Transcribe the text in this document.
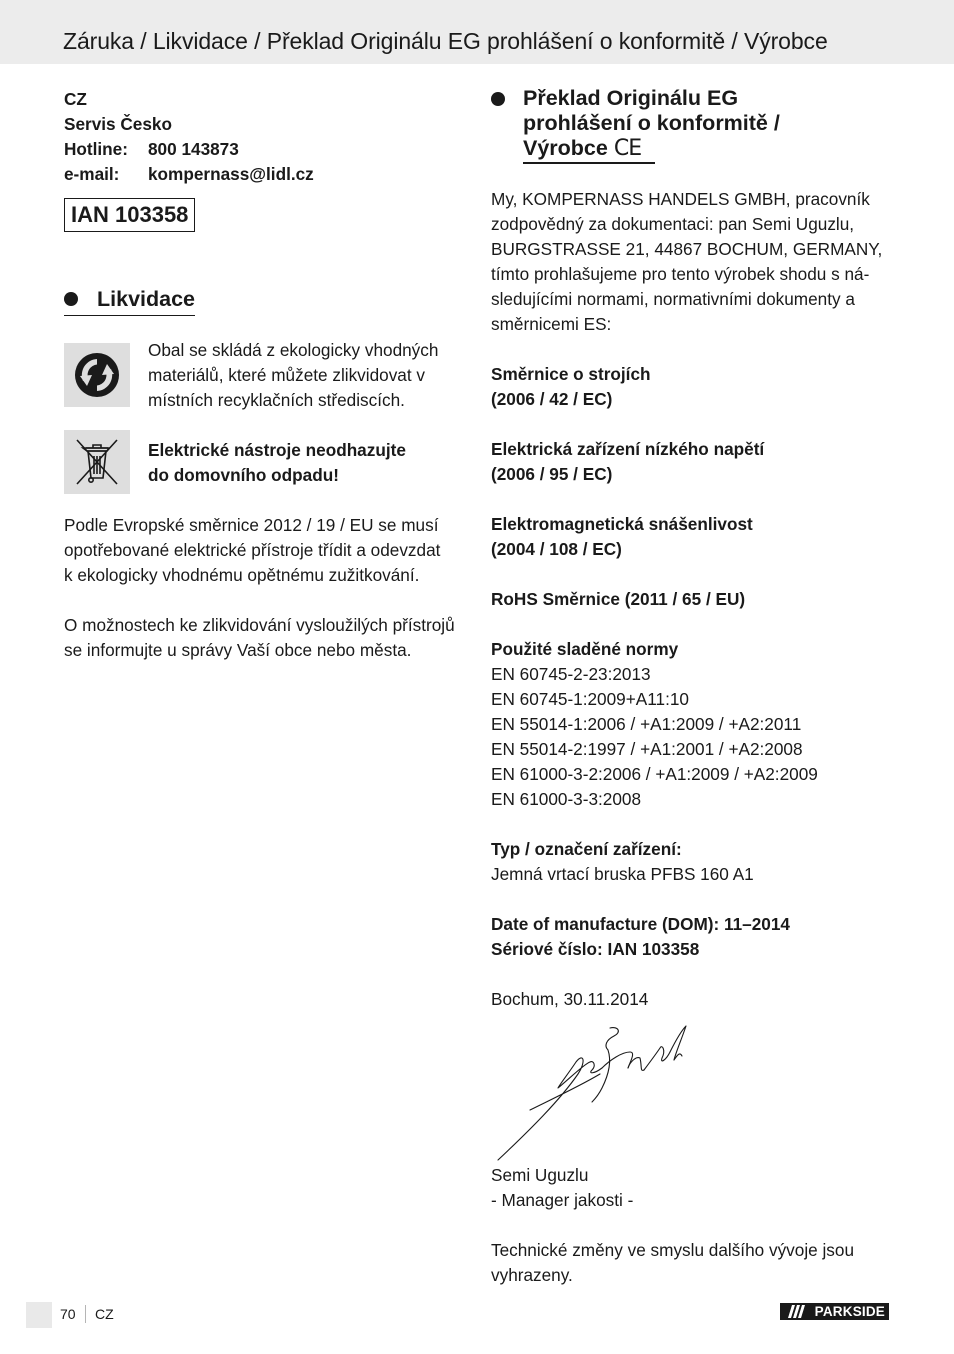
Záruka / Likvidace / Překlad Originálu EG prohlášení o konformitě / Výrobce
CZ
Servis Česko
Hotline:	800 143873
e-mail:	kompernass@lidl.cz
IAN 103358
Likvidace
Obal se skládá z ekologicky vhodných
materiálů, které můžete zlikvidovat v
místních recyklačních střediscích.
Elektrické nástroje neodhazujte
do domovního odpadu!
Podle Evropské směrnice 2012 / 19 / EU se musí
opotřebované elektrické přístroje třídit a odevzdat
k ekologicky vhodnému opětnému zužitkování.
O možnostech ke zlikvidování vysloužilých přístrojů
se informujte u správy Vaší obce nebo města.
Překlad Originálu EG
prohlášení o konformitě /
Výrobce CE
My, KOMPERNASS HANDELS GMBH, pracovník
zodpovědný za dokumentaci: pan Semi Uguzlu,
BURGSTRASSE 21, 44867 BOCHUM, GERMANY,
tímto prohlašujeme pro tento výrobek shodu s ná-
sledujícími normami, normativními dokumenty a
směrnicemi ES:
Směrnice o strojích
(2006 / 42 / EC)
Elektrická zařízení nízkého napětí
(2006 / 95 / EC)
Elektromagnetická snášenlivost
(2004 / 108 / EC)
RoHS Směrnice (2011 / 65 / EU)
Použité sladěné normy
EN 60745-2-23:2013
EN 60745-1:2009+A11:10
EN 55014-1:2006 / +A1:2009 / +A2:2011
EN 55014-2:1997 / +A1:2001 / +A2:2008
EN 61000-3-2:2006 / +A1:2009 / +A2:2009
EN 61000-3-3:2008
Typ / označení zařízení:
Jemná vrtací bruska PFBS 160 A1
Date of manufacture (DOM): 11–2014
Sériové číslo: IAN 103358
Bochum, 30.11.2014
Semi Uguzlu
- Manager jakosti -
Technické změny ve smyslu dalšího vývoje jsou
vyhrazeny.
70 CZ	PARKSIDE
